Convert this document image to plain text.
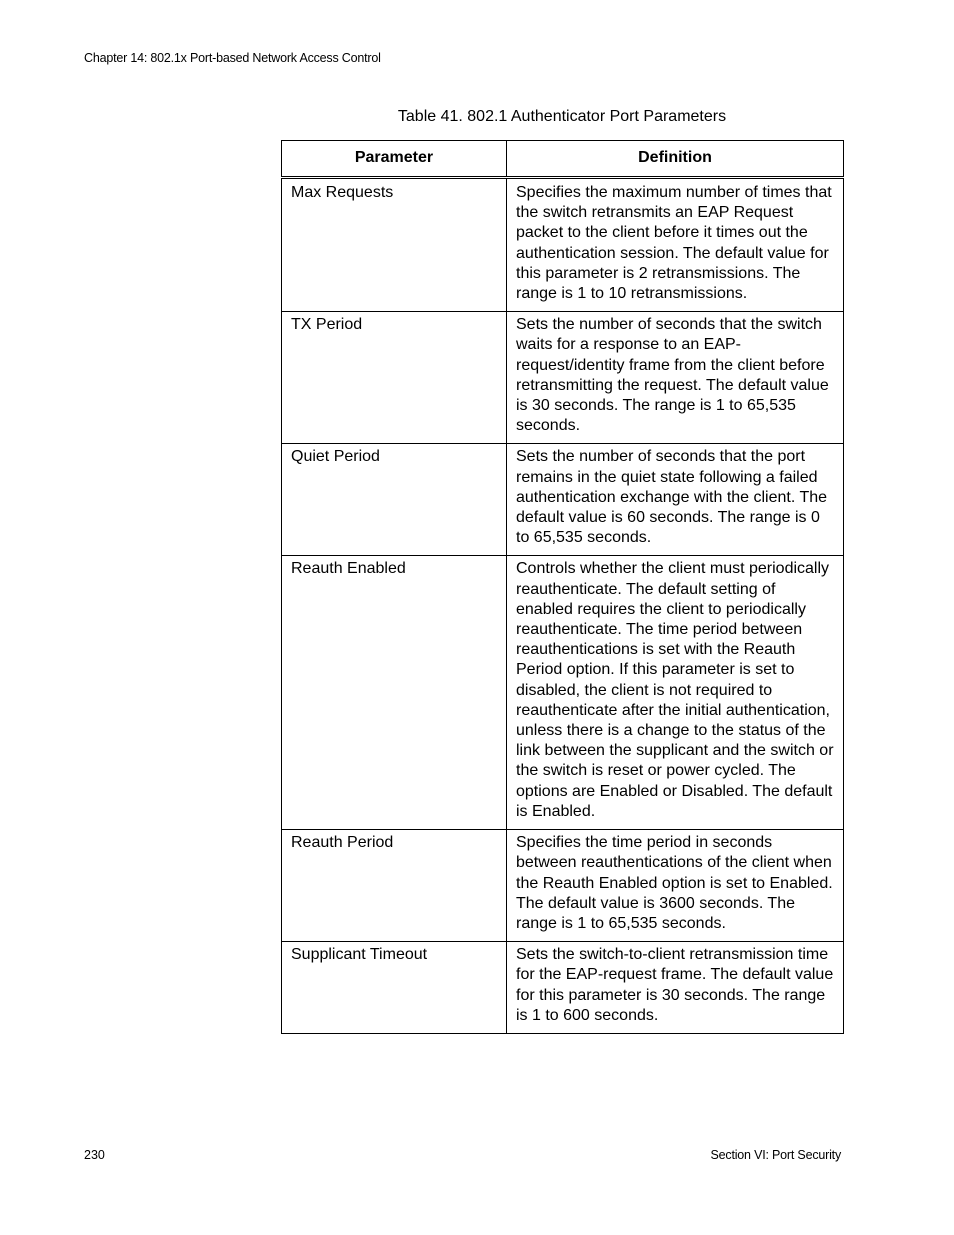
Chapter 14: 802.1x Port-based Network Access Control
Table 41. 802.1 Authenticator Port Parameters
Parameter	Definition
Max Requests	Specifies the maximum number of times that the switch retransmits an EAP Request packet to the client before it times out the authentication session. The default value for this parameter is 2 retransmissions. The range is 1 to 10 retransmissions.
TX Period	Sets the number of seconds that the switch waits for a response to an EAP-request/identity frame from the client before retransmitting the request. The default value is 30 seconds. The range is 1 to 65,535 seconds.
Quiet Period	Sets the number of seconds that the port remains in the quiet state following a failed authentication exchange with the client. The default value is 60 seconds. The range is 0 to 65,535 seconds.
Reauth Enabled	Controls whether the client must periodically reauthenticate. The default setting of enabled requires the client to periodically reauthenticate. The time period between reauthentications is set with the Reauth Period option. If this parameter is set to disabled, the client is not required to reauthenticate after the initial authentication, unless there is a change to the status of the link between the supplicant and the switch or the switch is reset or power cycled. The options are Enabled or Disabled. The default is Enabled.
Reauth Period	Specifies the time period in seconds between reauthentications of the client when the Reauth Enabled option is set to Enabled. The default value is 3600 seconds. The range is 1 to 65,535 seconds.
Supplicant Timeout	Sets the switch-to-client retransmission time for the EAP-request frame. The default value for this parameter is 30 seconds. The range is 1 to 600 seconds.
230	Section VI: Port Security
